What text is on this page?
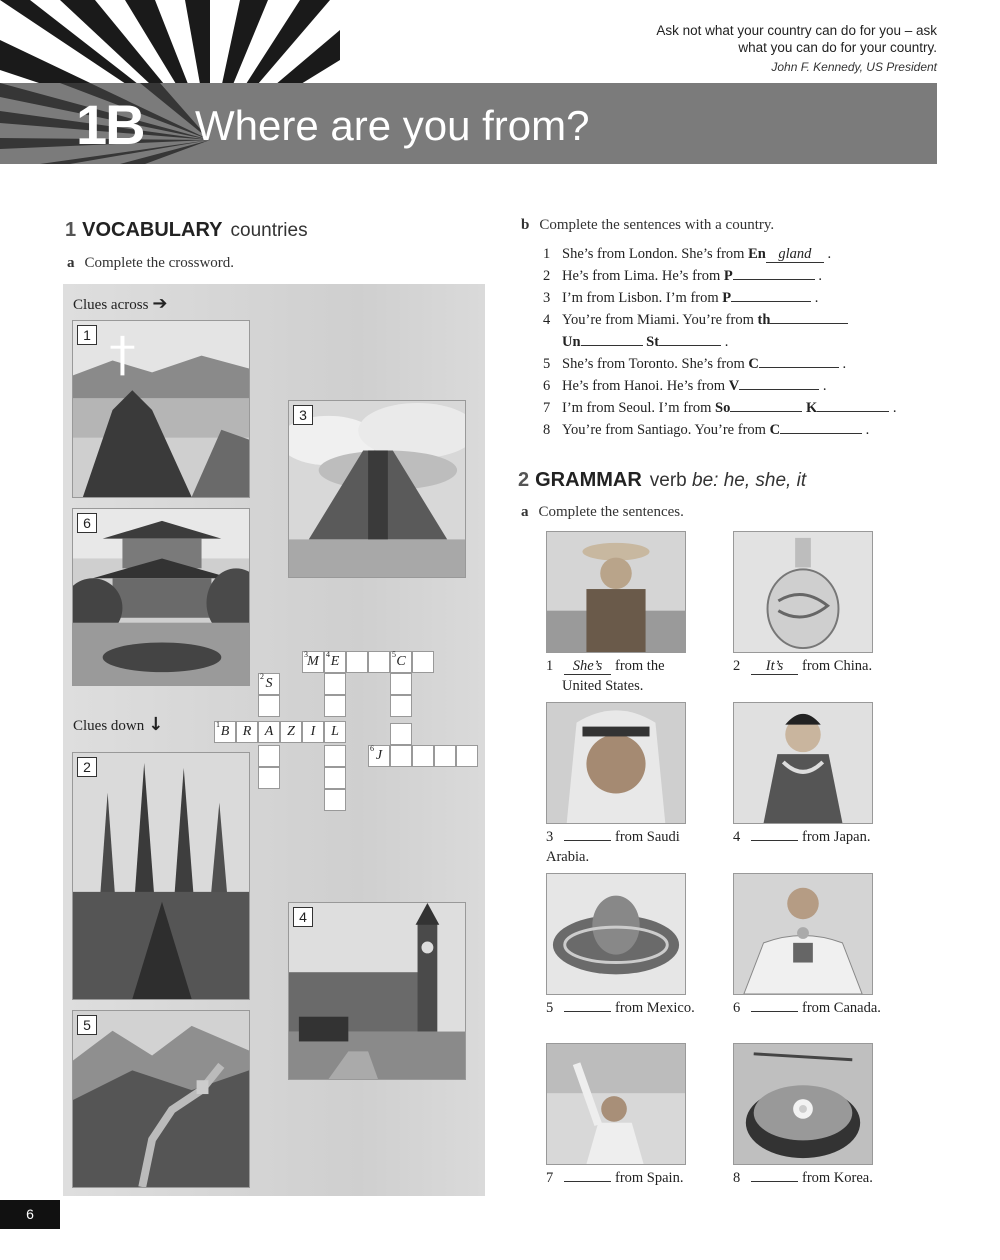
Ask not what your country can do for you – ask
what you can do for your country.
John F. Kennedy, US President
1B Where are you from?
1 VOCABULARY countries
a Complete the crossword.
Clues across ➔
Clues down ↓
1
3
6
2
4
5
3 M 4 E	5 C
2 S
1 B R A Z	I	L
6 J
b Complete the sentences with a country.
1 She’s from London. She’s from En gland .
2 He’s from Lima. He’s from P	.
3 I’m from Lisbon. I’m from P	.
4 You’re from Miami. You’re from th
Un	St	.
5 She’s from Toronto. She’s from C	.
6 He’s from Hanoi. He’s from V	.
7 I’m from Seoul. I’m from So	K	.
8 You’re from Santiago. You’re from C	.
2 GRAMMAR verb be: he, she, it
a Complete the sentences.
1 She’s from the
United States.
2 It’s from China.
3	from Saudi
Arabia.
4	from Japan.
5	from Mexico.	6	from Canada.
7	from Spain.	8	from Korea.
6
